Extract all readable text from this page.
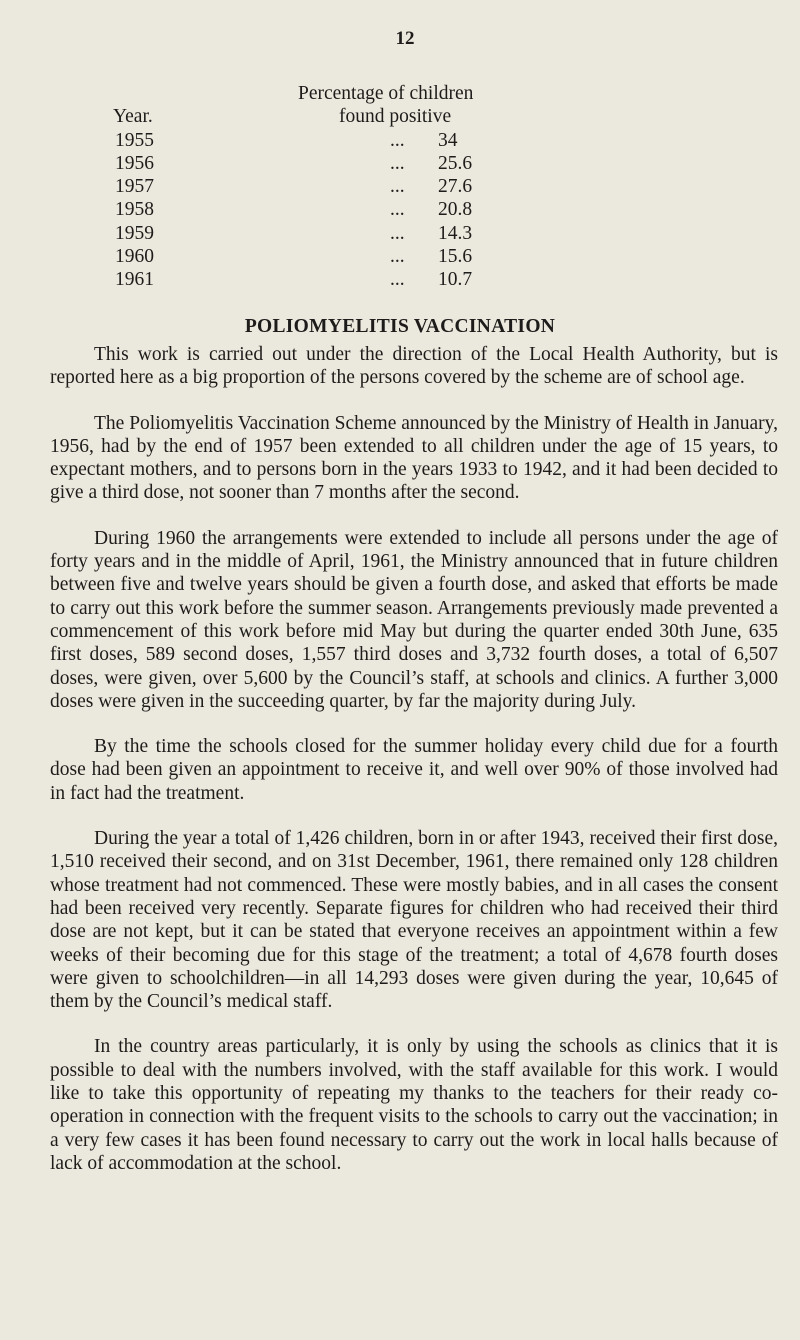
12
Percentage of children
Year.	found positive
1955	... 34
1956	... 25.6
1957	... 27.6
1958	... 20.8
1959	... 14.3
1960	... 15.6
1961	... 10.7
POLIOMYELITIS VACCINATION

This work is carried out under the direction of the Local Health Authority, but is reported here as a big proportion of the persons covered by the scheme are of school age.

The Poliomyelitis Vaccination Scheme announced by the Ministry of Health in January, 1956, had by the end of 1957 been extended to all children under the age of 15 years, to expectant mothers, and to persons born in the years 1933 to 1942, and it had been decided to give a third dose, not sooner than 7 months after the second.

During 1960 the arrangements were extended to include all persons under the age of forty years and in the middle of April, 1961, the Ministry announced that in future children between five and twelve years should be given a fourth dose, and asked that efforts be made to carry out this work before the summer season. Arrangements previously made prevented a commencement of this work before mid May but during the quarter ended 30th June, 635 first doses, 589 second doses, 1,557 third doses and 3,732 fourth doses, a total of 6,507 doses, were given, over 5,600 by the Council’s staff, at schools and clinics. A further 3,000 doses were given in the succeeding quarter, by far the majority during July.

By the time the schools closed for the summer holiday every child due for a fourth dose had been given an appointment to receive it, and well over 90% of those involved had in fact had the treatment.

During the year a total of 1,426 children, born in or after 1943, received their first dose, 1,510 received their second, and on 31st December, 1961, there remained only 128 children whose treatment had not commenced. These were mostly babies, and in all cases the consent had been received very recently. Separate figures for children who had received their third dose are not kept, but it can be stated that everyone receives an appointment within a few weeks of their becoming due for this stage of the treatment; a total of 4,678 fourth doses were given to schoolchildren—in all 14,293 doses were given during the year, 10,645 of them by the Council’s medical staff.

In the country areas particularly, it is only by using the schools as clinics that it is possible to deal with the numbers involved, with the staff available for this work. I would like to take this opportunity of repeating my thanks to the teachers for their ready co-operation in connection with the frequent visits to the schools to carry out the vaccination; in a very few cases it has been found necessary to carry out the work in local halls because of lack of accommodation at the school.
